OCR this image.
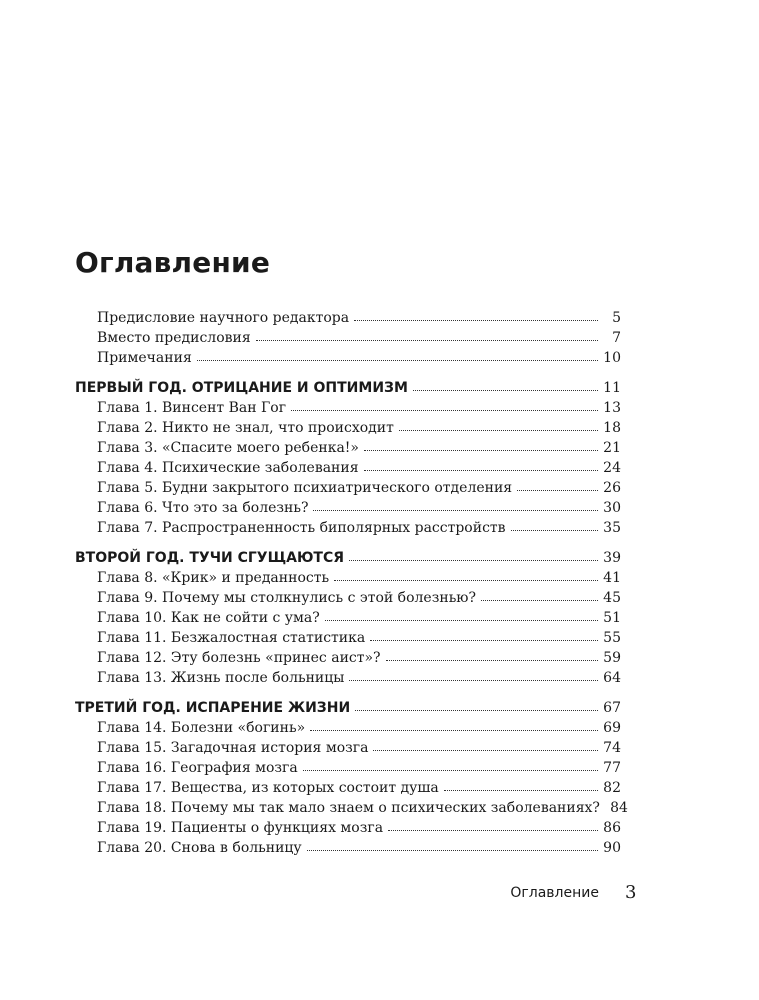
Оглавление
Предисловие научного редактора	5
Вместо предисловия	7
Примечания	10
ПЕРВЫЙ ГОД. ОТРИЦАНИЕ И ОПТИМИЗМ	11
Глава 1. Винсент Ван Гог	13
Глава 2. Никто не знал, что происходит	18
Глава 3. «Спасите моего ребенка!»	21
Глава 4. Психические заболевания	24
Глава 5. Будни закрытого психиатрического отделения	26
Глава 6. Что это за болезнь?	30
Глава 7. Распространенность биполярных расстройств	35
ВТОРОЙ ГОД. ТУЧИ СГУЩАЮТСЯ	39
Глава 8. «Крик» и преданность	41
Глава 9. Почему мы столкнулись с этой болезнью?	45
Глава 10. Как не сойти с ума?	51
Глава 11. Безжалостная статистика	55
Глава 12. Эту болезнь «принес аист»?	59
Глава 13. Жизнь после больницы	64
ТРЕТИЙ ГОД. ИСПАРЕНИЕ ЖИЗНИ	67
Глава 14. Болезни «богинь»	69
Глава 15. Загадочная история мозга	74
Глава 16. География мозга	77
Глава 17. Вещества, из которых состоит душа	82
Глава 18. Почему мы так мало знаем о психических заболеваниях? 84
Глава 19. Пациенты о функциях мозга	86
Глава 20. Снова в больницу	90
Оглавление 3
